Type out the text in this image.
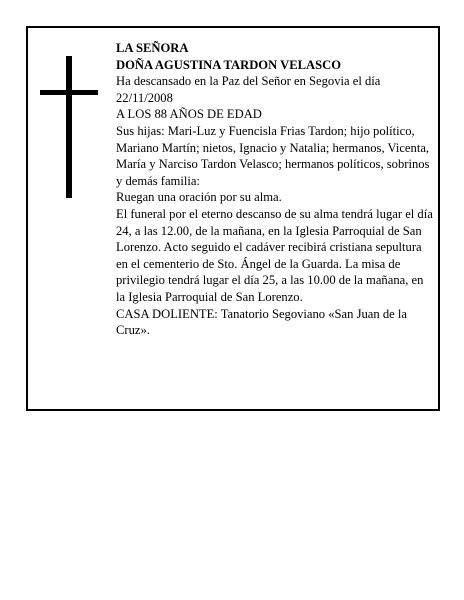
LA SEÑORA

DOÑA AGUSTINA TARDON VELASCO

Ha descansado en la Paz del Señor en Segovia el día 22/11/2008

A LOS 88 AÑOS DE EDAD

Sus hijas: Mari-Luz y Fuencisla Frias Tardon; hijo político, Mariano Martín; nietos, Ignacio y Natalia; hermanos, Vicenta, María y Narciso Tardon Velasco; hermanos políticos, sobrinos y demás familia:

Ruegan una oración por su alma.

El funeral por el eterno descanso de su alma tendrá lugar el día 24, a las 12.00, de la mañana, en la Iglesia Parroquial de San Lorenzo. Acto seguido el cadáver recibirá cristiana sepultura en el cementerio de Sto. Ángel de la Guarda. La misa de privilegio tendrá lugar el día 25, a las 10.00 de la mañana, en la Iglesia Parroquial de San Lorenzo.

CASA DOLIENTE: Tanatorio Segoviano «San Juan de la Cruz».
